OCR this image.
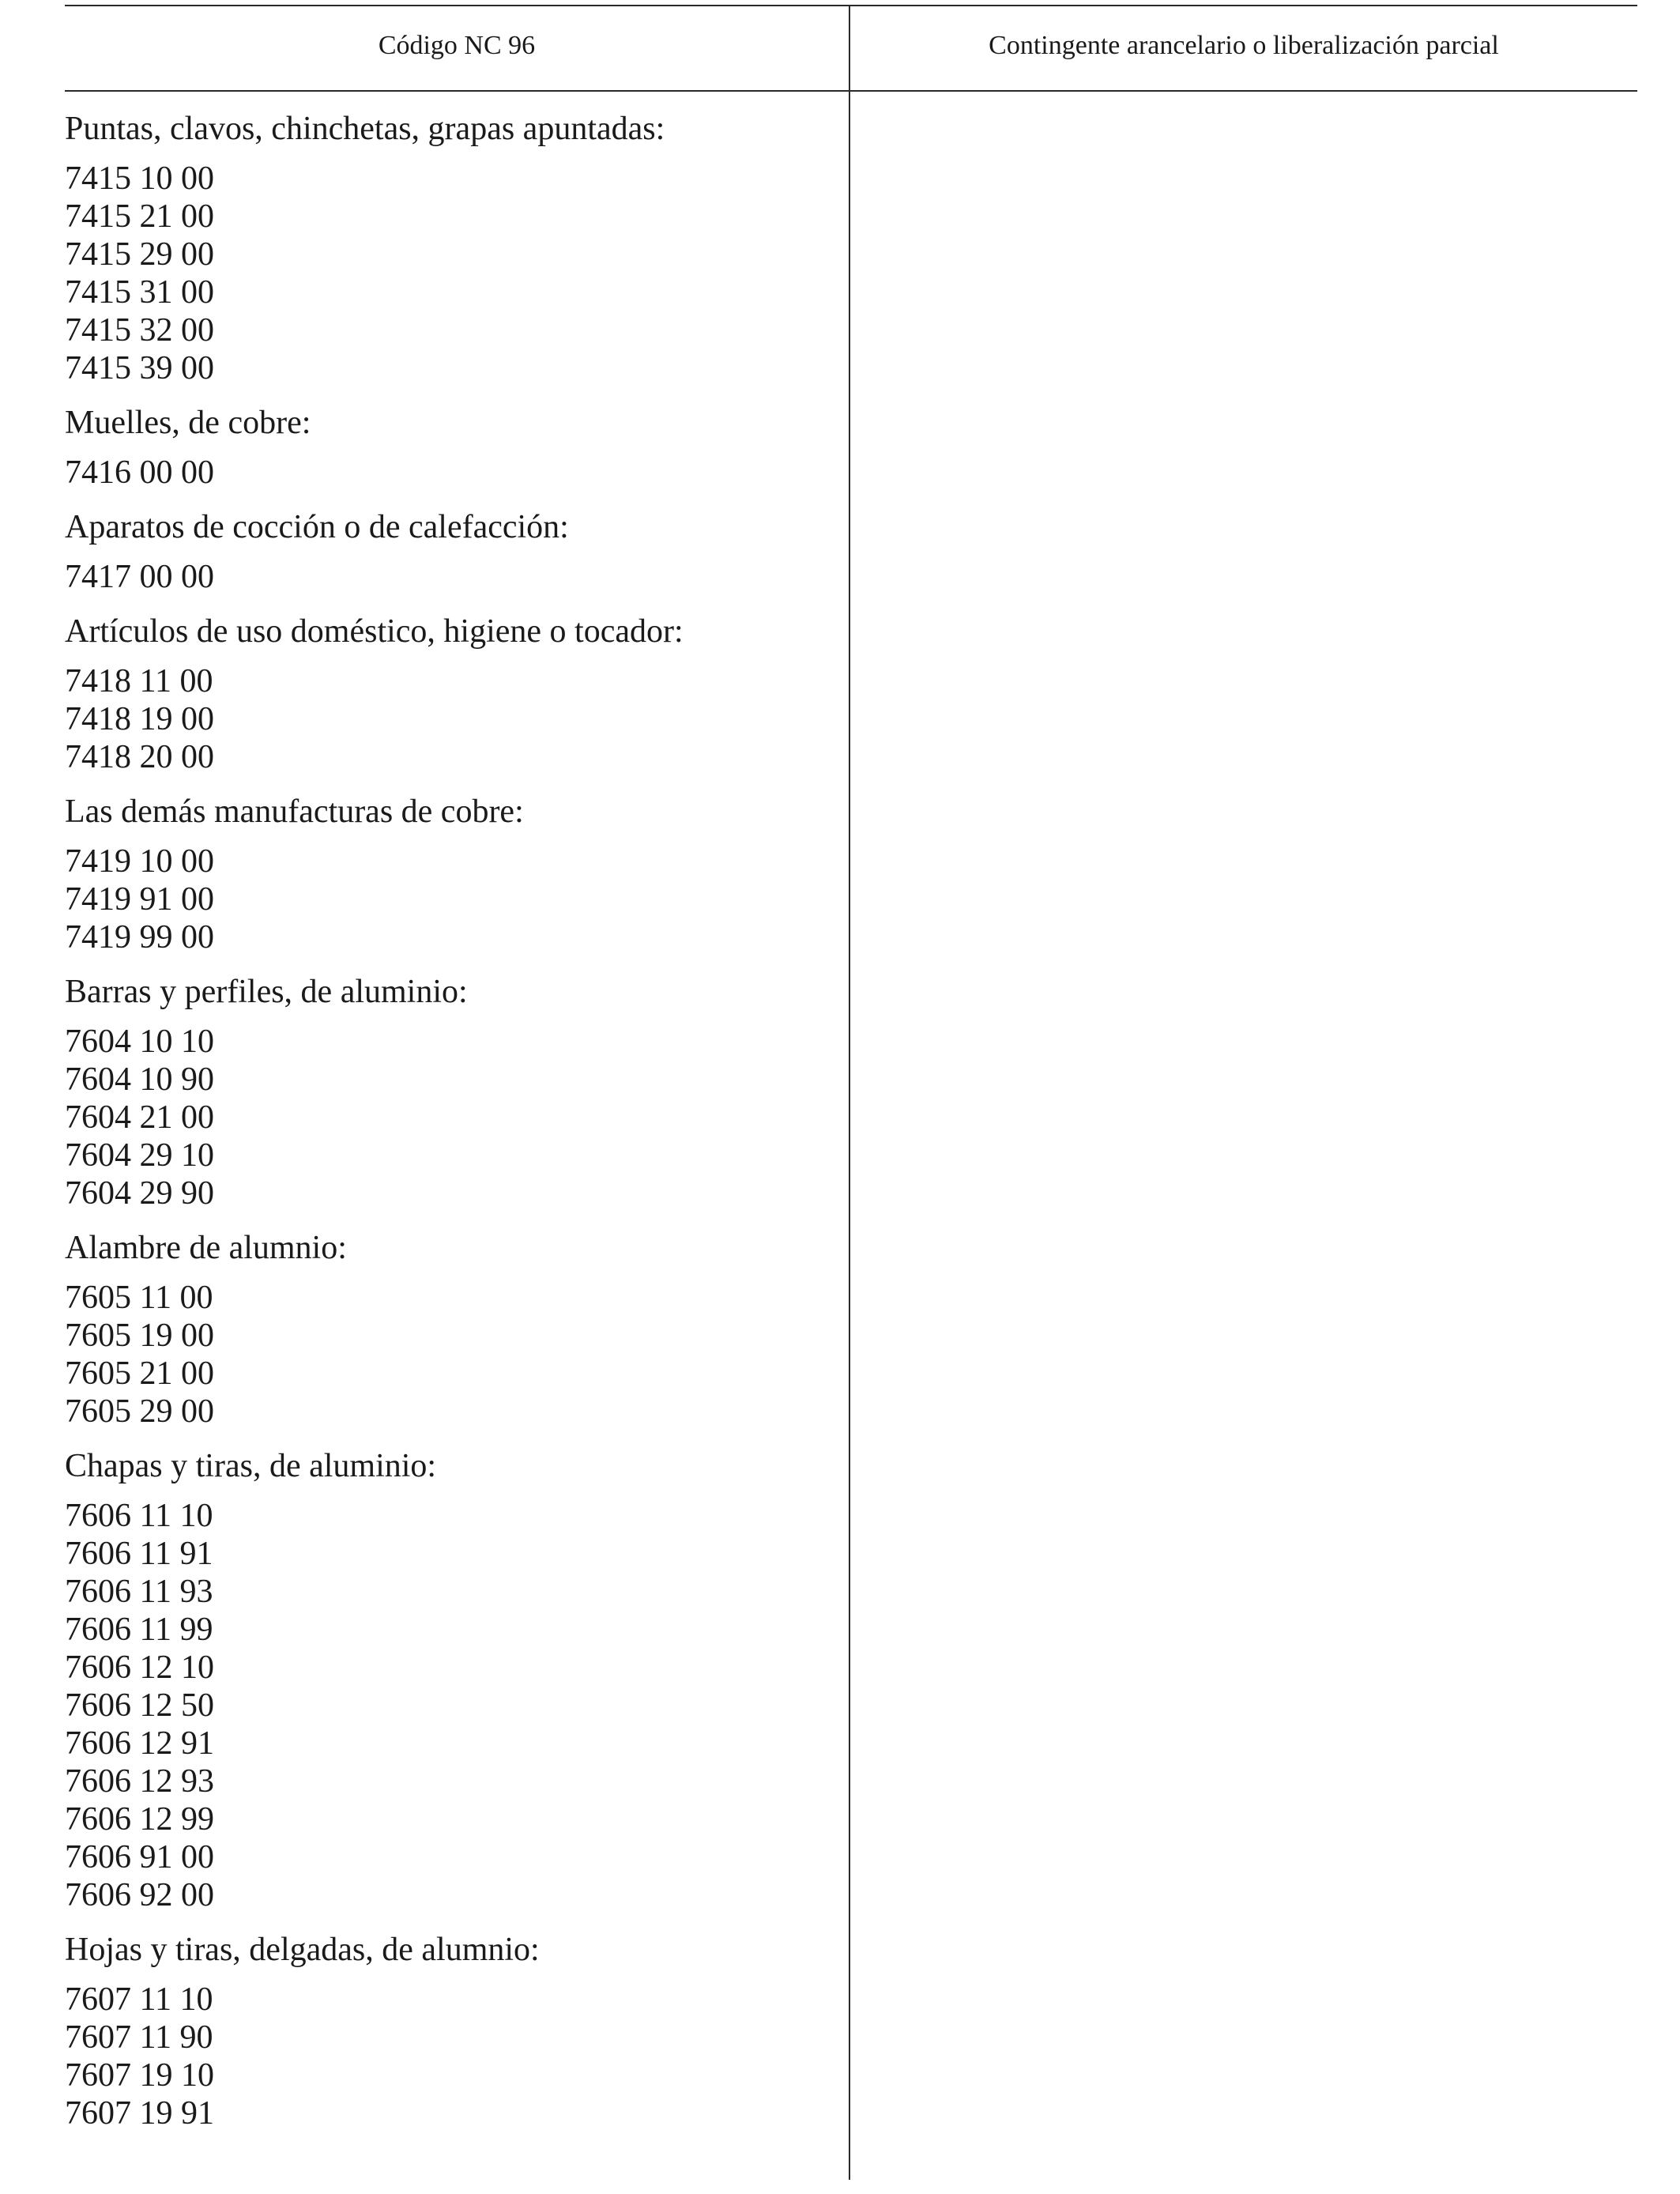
Código NC 96	Contingente arancelario o liberalización parcial
Puntas, clavos, chinchetas, grapas apuntadas:
7415 10 00
7415 21 00
7415 29 00
7415 31 00
7415 32 00
7415 39 00
Muelles, de cobre:
7416 00 00
Aparatos de cocción o de calefacción:
7417 00 00
Artículos de uso doméstico, higiene o tocador:
7418 11 00
7418 19 00
7418 20 00
Las demás manufacturas de cobre:
7419 10 00
7419 91 00
7419 99 00
Barras y perfiles, de aluminio:
7604 10 10
7604 10 90
7604 21 00
7604 29 10
7604 29 90
Alambre de alumnio:
7605 11 00
7605 19 00
7605 21 00
7605 29 00
Chapas y tiras, de aluminio:
7606 11 10
7606 11 91
7606 11 93
7606 11 99
7606 12 10
7606 12 50
7606 12 91
7606 12 93
7606 12 99
7606 91 00
7606 92 00
Hojas y tiras, delgadas, de alumnio:
7607 11 10
7607 11 90
7607 19 10
7607 19 91
